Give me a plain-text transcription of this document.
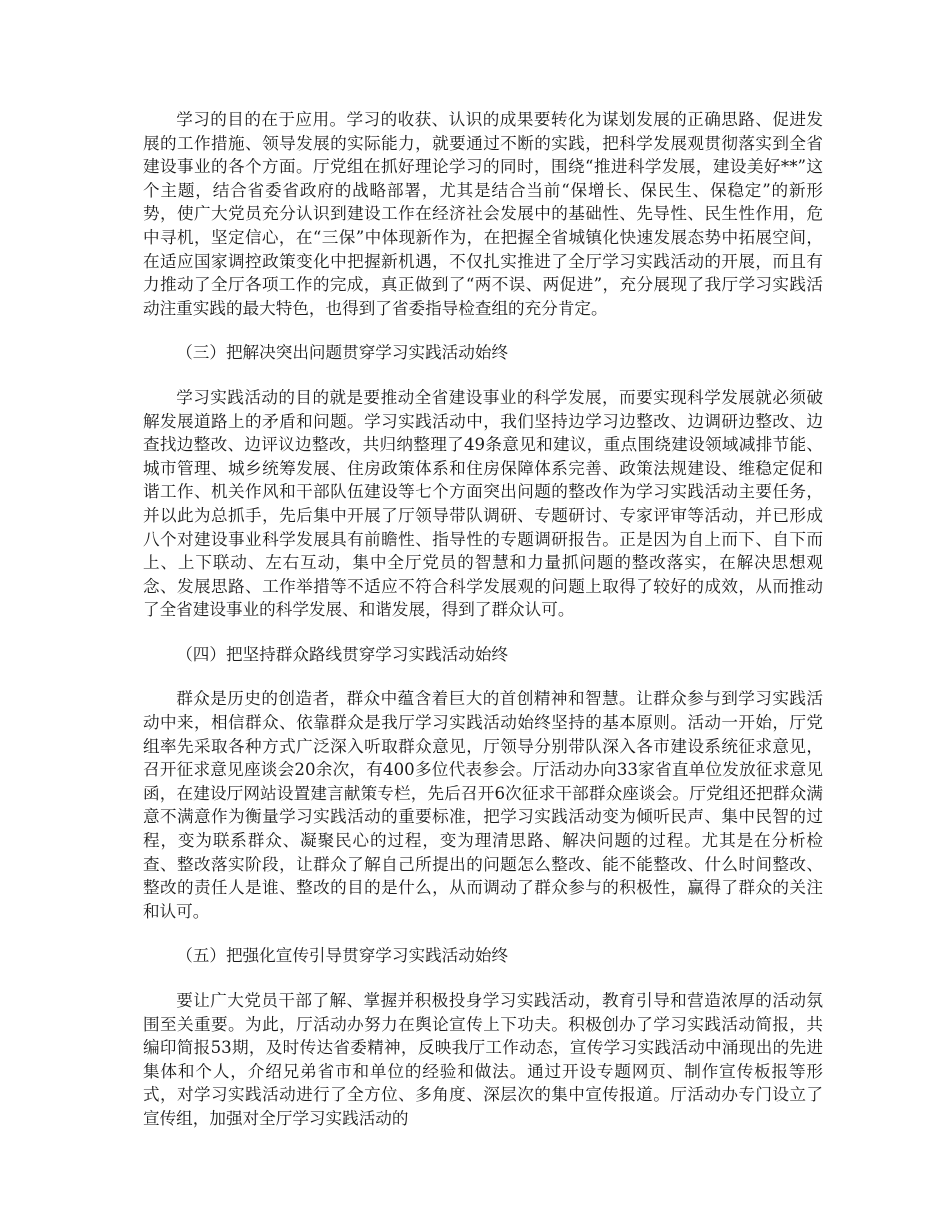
学习的目的在于应用。学习的收获、认识的成果要转化为谋划发展的正确思路、促进发展的工作措施、领导发展的实际能力，就要通过不断的实践，把科学发展观贯彻落实到全省建设事业的各个方面。厅党组在抓好理论学习的同时，围绕“推进科学发展，建设美好**”这个主题，结合省委省政府的战略部署，尤其是结合当前“保增长、保民生、保稳定”的新形势，使广大党员充分认识到建设工作在经济社会发展中的基础性、先导性、民生性作用，危中寻机，坚定信心，在“三保”中体现新作为，在把握全省城镇化快速发展态势中拓展空间，在适应国家调控政策变化中把握新机遇，不仅扎实推进了全厅学习实践活动的开展，而且有力推动了全厅各项工作的完成，真正做到了“两不误、两促进”，充分展现了我厅学习实践活动注重实践的最大特色，也得到了省委指导检查组的充分肯定。

（三）把解决突出问题贯穿学习实践活动始终

学习实践活动的目的就是要推动全省建设事业的科学发展，而要实现科学发展就必须破解发展道路上的矛盾和问题。学习实践活动中，我们坚持边学习边整改、边调研边整改、边查找边整改、边评议边整改，共归纳整理了49条意见和建议，重点围绕建设领域减排节能、城市管理、城乡统筹发展、住房政策体系和住房保障体系完善、政策法规建设、维稳定促和谐工作、机关作风和干部队伍建设等七个方面突出问题的整改作为学习实践活动主要任务，并以此为总抓手，先后集中开展了厅领导带队调研、专题研讨、专家评审等活动，并已形成八个对建设事业科学发展具有前瞻性、指导性的专题调研报告。正是因为自上而下、自下而上、上下联动、左右互动，集中全厅党员的智慧和力量抓问题的整改落实，在解决思想观念、发展思路、工作举措等不适应不符合科学发展观的问题上取得了较好的成效，从而推动了全省建设事业的科学发展、和谐发展，得到了群众认可。

（四）把坚持群众路线贯穿学习实践活动始终

群众是历史的创造者，群众中蕴含着巨大的首创精神和智慧。让群众参与到学习实践活动中来，相信群众、依靠群众是我厅学习实践活动始终坚持的基本原则。活动一开始，厅党组率先采取各种方式广泛深入听取群众意见，厅领导分别带队深入各市建设系统征求意见，召开征求意见座谈会20余次，有400多位代表参会。厅活动办向33家省直单位发放征求意见函，在建设厅网站设置建言献策专栏，先后召开6次征求干部群众座谈会。厅党组还把群众满意不满意作为衡量学习实践活动的重要标准，把学习实践活动变为倾听民声、集中民智的过程，变为联系群众、凝聚民心的过程，变为理清思路、解决问题的过程。尤其是在分析检查、整改落实阶段，让群众了解自己所提出的问题怎么整改、能不能整改、什么时间整改、整改的责任人是谁、整改的目的是什么，从而调动了群众参与的积极性，赢得了群众的关注和认可。

（五）把强化宣传引导贯穿学习实践活动始终

要让广大党员干部了解、掌握并积极投身学习实践活动，教育引导和营造浓厚的活动氛围至关重要。为此，厅活动办努力在舆论宣传上下功夫。积极创办了学习实践活动简报，共编印简报53期，及时传达省委精神，反映我厅工作动态，宣传学习实践活动中涌现出的先进集体和个人，介绍兄弟省市和单位的经验和做法。通过开设专题网页、制作宣传板报等形式，对学习实践活动进行了全方位、多角度、深层次的集中宣传报道。厅活动办专门设立了宣传组，加强对全厅学习实践活动的
